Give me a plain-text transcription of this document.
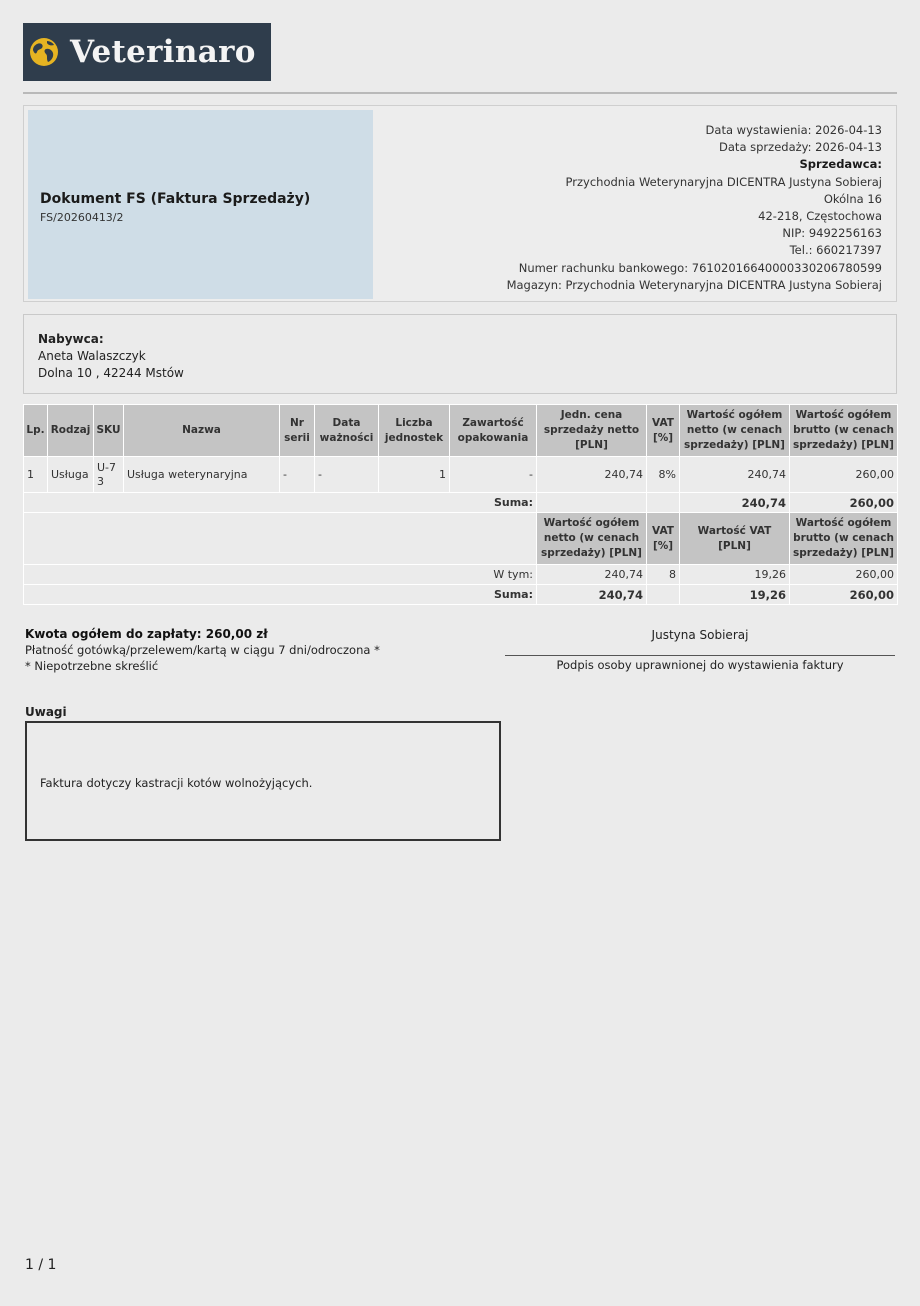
Veterinaro
Dokument FS (Faktura Sprzedaży)
FS/20260413/2
Data wystawienia: 2026-04-13
Data sprzedaży: 2026-04-13
Sprzedawca:
Przychodnia Weterynaryjna DICENTRA Justyna Sobieraj
Okólna 16
42-218, Częstochowa
NIP: 9492256163
Tel.: 660217397
Numer rachunku bankowego: 76102016640000330206780599
Magazyn: Przychodnia Weterynaryjna DICENTRA Justyna Sobieraj
Nabywca:
Aneta Walaszczyk
Dolna 10 , 42244 Mstów
Lp.	Rodzaj	SKU	Nazwa	Nr serii	Data ważności	Liczba jednostek	Zawartość opakowania	Jedn. cena sprzedaży netto [PLN]	VAT [%]	Wartość ogółem netto (w cenach sprzedaży) [PLN]	Wartość ogółem brutto (w cenach sprzedaży) [PLN]
1	Usługa	U-73	Usługa weterynaryjna	-	-	1	-	240,74	8%	240,74	260,00
Suma:										240,74	260,00
								Wartość ogółem netto (w cenach sprzedaży) [PLN]	VAT [%]	Wartość VAT [PLN]	Wartość ogółem brutto (w cenach sprzedaży) [PLN]
W tym:								240,74	8	19,26	260,00
Suma:								240,74		19,26	260,00
Kwota ogółem do zapłaty: 260,00 zł
Płatność gotówką/przelewem/kartą w ciągu 7 dni/odroczona *
* Niepotrzebne skreślić
Justyna Sobieraj
Podpis osoby uprawnionej do wystawienia faktury
Uwagi
Faktura dotyczy kastracji kotów wolnożyjących.
1 / 1
